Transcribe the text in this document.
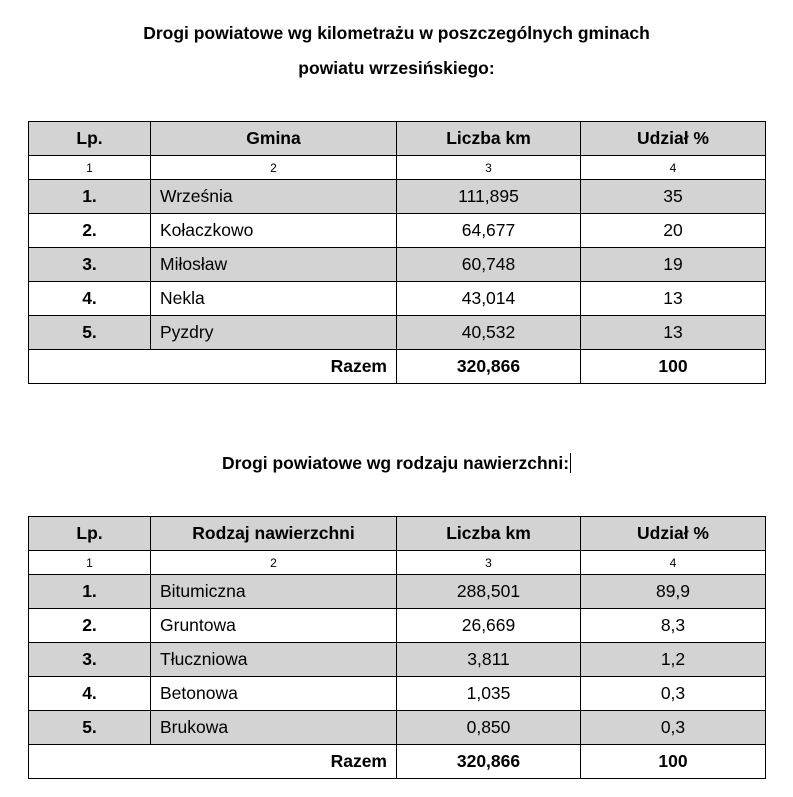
Drogi powiatowe wg kilometrażu w poszczególnych gminach
powiatu wrzesińskiego:
Lp.	Gmina	Liczba km	Udział %
1	2	3	4
1.	Września	111,895	35
2.	Kołaczkowo	64,677	20
3.	Miłosław	60,748	19
4.	Nekla	43,014	13
5.	Pyzdry	40,532	13
Razem		320,866	100
Drogi powiatowe wg rodzaju nawierzchni:
Lp.	Rodzaj nawierzchni	Liczba km	Udział %
1	2	3	4
1.	Bitumiczna	288,501	89,9
2.	Gruntowa	26,669	8,3
3.	Tłuczniowa	3,811	1,2
4.	Betonowa	1,035	0,3
5.	Brukowa	0,850	0,3
Razem		320,866	100
